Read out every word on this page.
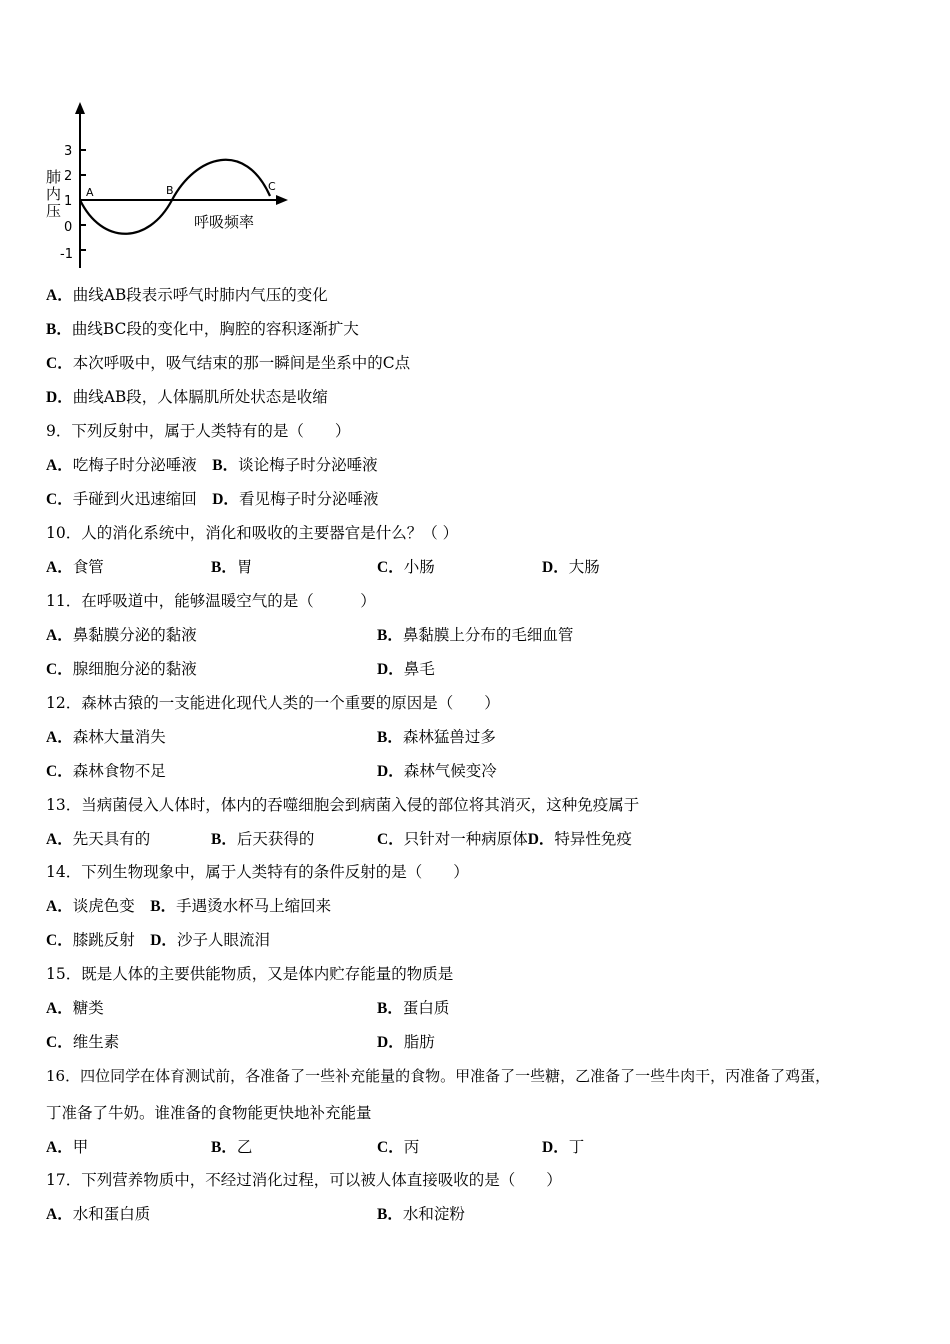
3
2
1
0
-1
肺
内
压
A	B	C
呼吸频率
A．曲线AB段表示呼气时肺内气压的变化
B．曲线BC段的变化中，胸腔的容积逐渐扩大
C．本次呼吸中，吸气结束的那一瞬间是坐系中的C点
D．曲线AB段，人体膈肌所处状态是收缩
9．下列反射中，属于人类特有的是（　　）
A．吃梅子时分泌唾液　 B．谈论梅子时分泌唾液
C．手碰到火迅速缩回　 D．看见梅子时分泌唾液
10．人的消化系统中，消化和吸收的主要器官是什么？（ ）
A．食管	B．胃	C．小肠	D．大肠
11．在呼吸道中，能够温暖空气的是（　　　）
A．鼻黏膜分泌的黏液	B．鼻黏膜上分布的毛细血管
C．腺细胞分泌的黏液	D．鼻毛
12．森林古猿的一支能进化现代人类的一个重要的原因是（　　）
A．森林大量消失	B．森林猛兽过多
C．森林食物不足	D．森林气候变冷
13．当病菌侵入人体时，体内的吞噬细胞会到病菌入侵的部位将其消灭，这种免疫属于
A．先天具有的	B．后天获得的	C．只针对一种病原体D．特异性免疫
14．下列生物现象中，属于人类特有的条件反射的是（　　）
A．谈虎色变　 B．手遇烫水杯马上缩回来
C．膝跳反射　 D．沙子人眼流泪
15．既是人体的主要供能物质，又是体内贮存能量的物质是
A．糖类	B．蛋白质
C．维生素	D．脂肪
16．四位同学在体育测试前，各准备了一些补充能量的食物。甲准备了一些糖，乙准备了一些牛肉干，丙准备了鸡蛋，
丁准备了牛奶。谁准备的食物能更快地补充能量
A．甲	B．乙	C．丙	D．丁
17．下列营养物质中，不经过消化过程，可以被人体直接吸收的是（　　）
A．水和蛋白质	B．水和淀粉
